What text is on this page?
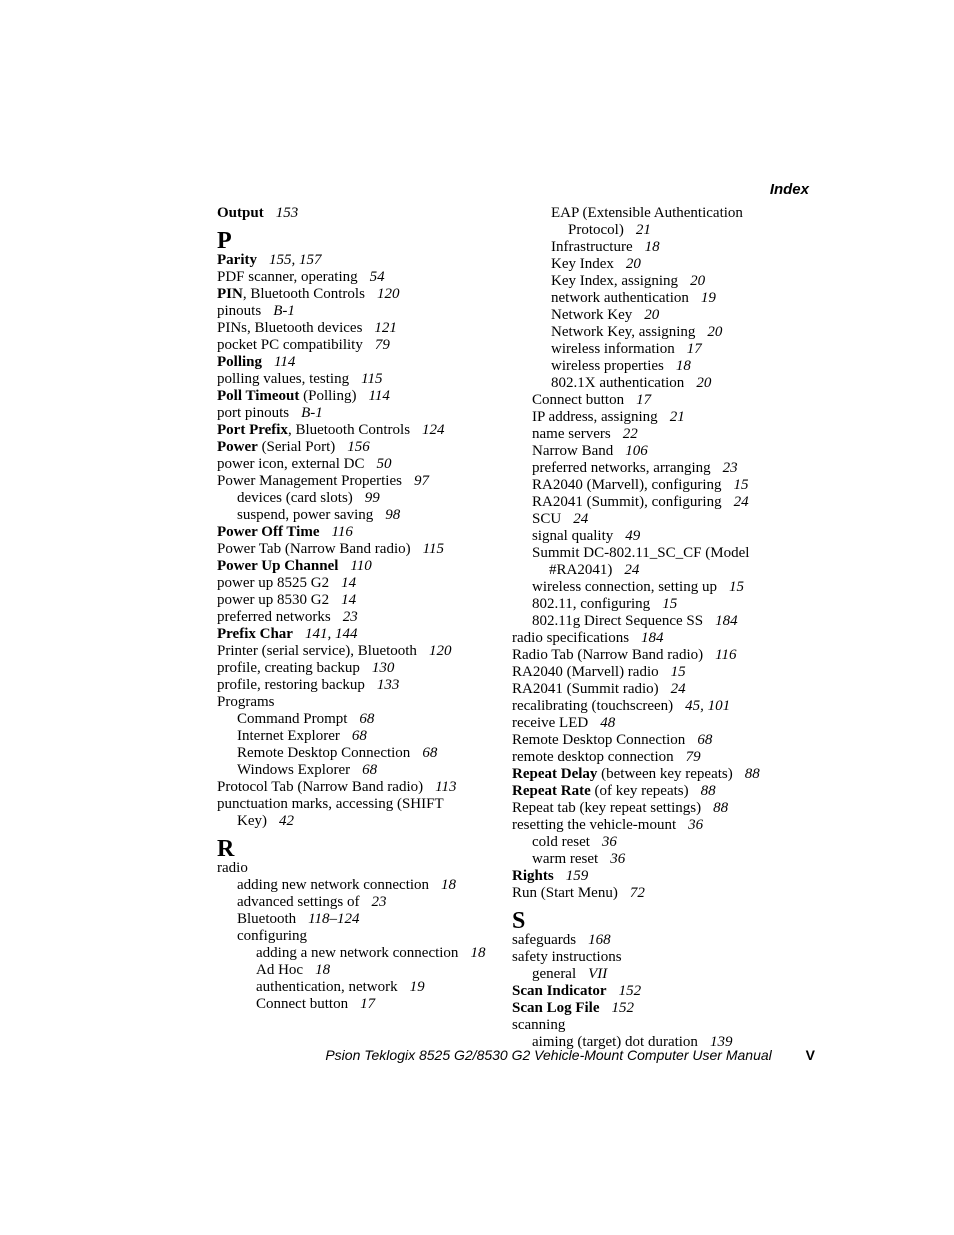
Index
Output 153
P
Parity 155, 157
PDF scanner, operating 54
PIN, Bluetooth Controls 120
pinouts B-1
PINs, Bluetooth devices 121
pocket PC compatibility 79
Polling 114
polling values, testing 115
Poll Timeout (Polling) 114
port pinouts B-1
Port Prefix, Bluetooth Controls 124
Power (Serial Port) 156
power icon, external DC 50
Power Management Properties 97
devices (card slots) 99
suspend, power saving 98
Power Off Time 116
Power Tab (Narrow Band radio) 115
Power Up Channel 110
power up 8525 G2 14
power up 8530 G2 14
preferred networks 23
Prefix Char 141, 144
Printer (serial service), Bluetooth 120
profile, creating backup 130
profile, restoring backup 133
Programs
Command Prompt 68
Internet Explorer 68
Remote Desktop Connection 68
Windows Explorer 68
Protocol Tab (Narrow Band radio) 113
punctuation marks, accessing (SHIFT Key) 42
R
radio
adding new network connection 18
advanced settings of 23
Bluetooth 118–124
configuring
adding a new network connection 18
Ad Hoc 18
authentication, network 19
Connect button 17
EAP (Extensible Authentication Protocol) 21
Infrastructure 18
Key Index 20
Key Index, assigning 20
network authentication 19
Network Key 20
Network Key, assigning 20
wireless information 17
wireless properties 18
802.1X authentication 20
Connect button 17
IP address, assigning 21
name servers 22
Narrow Band 106
preferred networks, arranging 23
RA2040 (Marvell), configuring 15
RA2041 (Summit), configuring 24
SCU 24
signal quality 49
Summit DC-802.11_SC_CF (Model #RA2041) 24
wireless connection, setting up 15
802.11, configuring 15
802.11g Direct Sequence SS 184
radio specifications 184
Radio Tab (Narrow Band radio) 116
RA2040 (Marvell) radio 15
RA2041 (Summit radio) 24
recalibrating (touchscreen) 45, 101
receive LED 48
Remote Desktop Connection 68
remote desktop connection 79
Repeat Delay (between key repeats) 88
Repeat Rate (of key repeats) 88
Repeat tab (key repeat settings) 88
resetting the vehicle-mount 36
cold reset 36
warm reset 36
Rights 159
Run (Start Menu) 72
S
safeguards 168
safety instructions
general VII
Scan Indicator 152
Scan Log File 152
scanning
aiming (target) dot duration 139
Psion Teklogix 8525 G2/8530 G2 Vehicle-Mount Computer User Manual V
